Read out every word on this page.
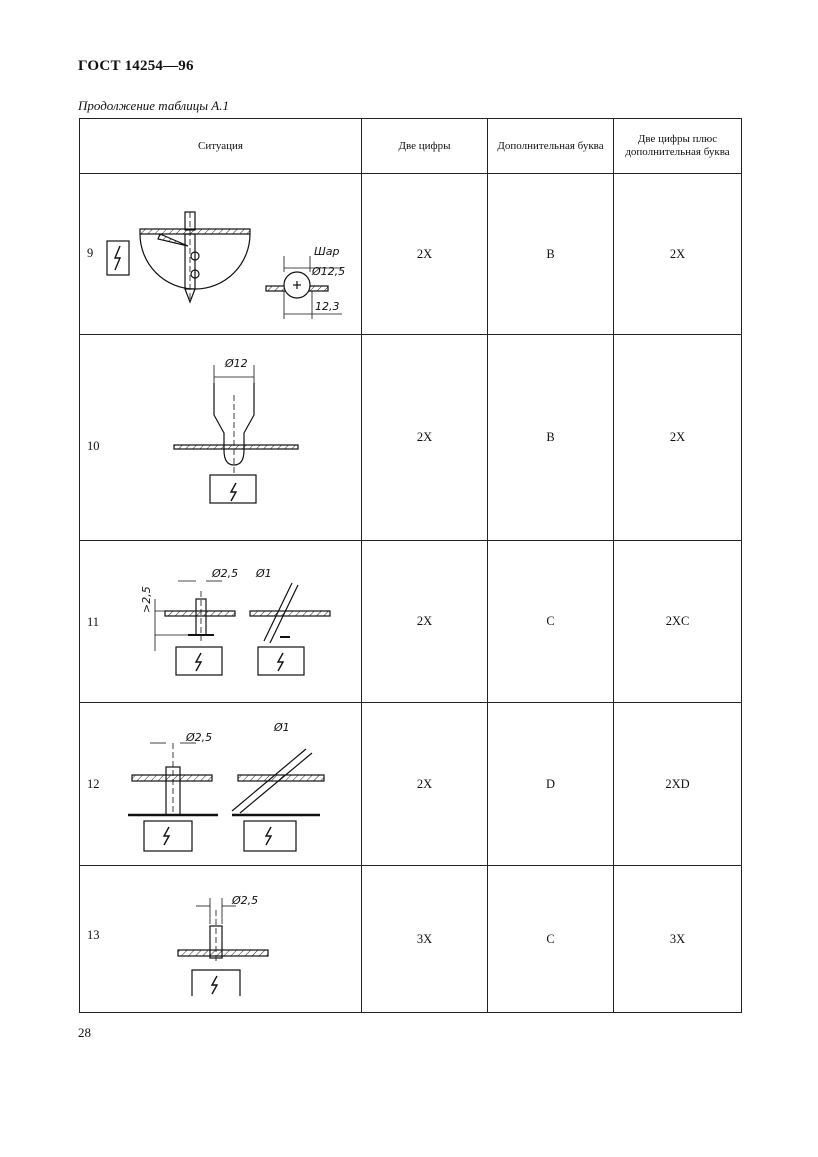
ГОСТ 14254—96
Продолжение таблицы А.1
Ситуация	Две цифры	Дополнительная буква	Две цифры плюс дополнительная буква

9 Шар
Ø12,5
12,3	2X	B	2X

10
Ø12	2X	B	2X

11
Ø2,5 Ø1
>2,5	2X	C	2XC

12
Ø2,5
Ø1	2X	D	2XD

13
Ø2,5	3X	C	3X
28
